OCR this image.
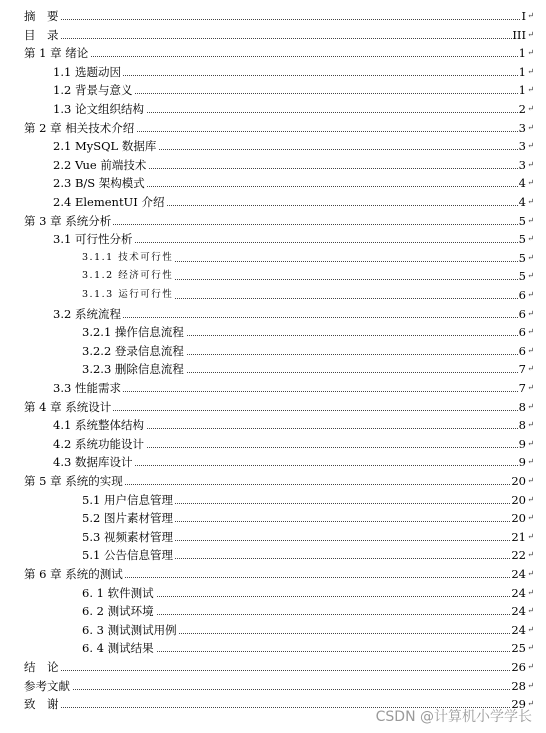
摘　要	I ↵
目　录	III ↵
第 1 章 绪论	1 ↵
1.1 选题动因	1 ↵
1.2 背景与意义	1 ↵
1.3 论文组织结构	2 ↵
第 2 章 相关技术介绍	3 ↵
2.1 MySQL 数据库	3 ↵
2.2 Vue 前端技术	3 ↵
2.3 B/S 架构模式	4 ↵
2.4 ElementUI 介绍	4 ↵
第 3 章 系统分析	5 ↵
3.1 可行性分析	5 ↵
3.1.1 技术可行性	5 ↵
3.1.2 经济可行性	5 ↵
3.1.3 运行可行性	6 ↵
3.2 系统流程	6 ↵
3.2.1 操作信息流程	6 ↵
3.2.2 登录信息流程	6 ↵
3.2.3 删除信息流程	7 ↵
3.3 性能需求	7 ↵
第 4 章 系统设计	8 ↵
4.1 系统整体结构	8 ↵
4.2 系统功能设计	9 ↵
4.3 数据库设计	9 ↵
第 5 章 系统的实现	20 ↵
5.1 用户信息管理	20 ↵
5.2 图片素材管理	20 ↵
5.3 视频素材管理	21 ↵
5.1 公告信息管理	22 ↵
第 6 章 系统的测试	24 ↵
6. 1 软件测试	24 ↵
6. 2 测试环境	24 ↵
6. 3 测试测试用例	24 ↵
6. 4 测试结果	25 ↵
结　论	26 ↵
参考文献	28 ↵
致　谢	29 ↵
CSDN @计算机小学学长
